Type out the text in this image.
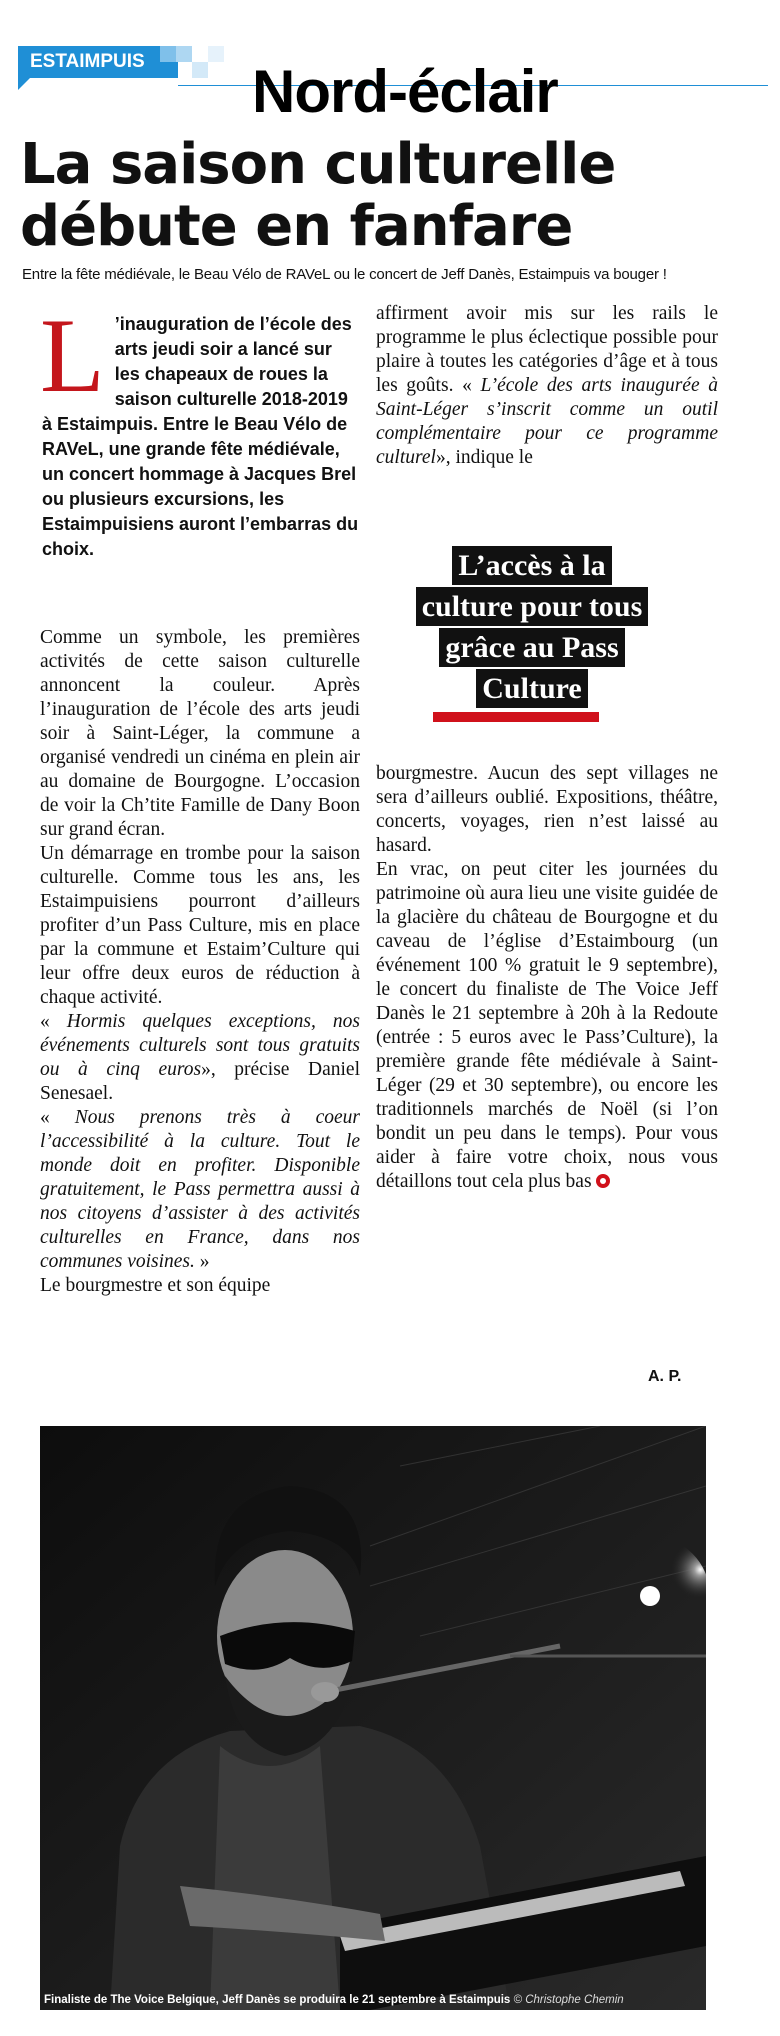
ESTAIMPUIS	Nord-éclair
La saison culturelle
débute en fanfare
Entre la fête médiévale, le Beau Vélo de RAVeL ou le concert de Jeff Danès, Estaimpuis va bouger !
L ’inauguration de l’école des arts jeudi soir a lancé sur les chapeaux de roues la saison culturelle 2018-2019 à Estaimpuis. Entre le Beau Vélo de RAVeL, une grande fête médiévale, un concert hommage à Jacques Brel ou plusieurs excursions, les Estaimpuisiens auront l’embarras du choix.

Comme un symbole, les premières activités de cette saison culturelle annoncent la couleur. Après l’inauguration de l’école des arts jeudi soir à Saint-Léger, la commune a organisé vendredi un cinéma en plein air au domaine de Bourgogne. L’occasion de voir la Ch’tite Famille de Dany Boon sur grand écran.

Un démarrage en trombe pour la saison culturelle. Comme tous les ans, les Estaimpuisiens pourront d’ailleurs profiter d’un Pass Culture, mis en place par la commune et Estaim’Culture qui leur offre deux euros de réduction à chaque activité.

« Hormis quelques exceptions, nos événements culturels sont tous gratuits ou à cinq euros», précise Daniel Senesael.

« Nous prenons très à coeur l’accessibilité à la culture. Tout le monde doit en profiter. Disponible gratuitement, le Pass permettra aussi à nos citoyens d’assister à des activités culturelles en France, dans nos communes voisines. »

Le bourgmestre et son équipe

affirment avoir mis sur les rails le programme le plus éclectique possible pour plaire à toutes les catégories d’âge et à tous les goûts. « L’école des arts inaugurée à Saint-Léger s’inscrit comme un outil complémentaire pour ce programme culturel», indique le

L’accès à la
culture pour tous
grâce au Pass
Culture

bourgmestre. Aucun des sept villages ne sera d’ailleurs oublié. Expositions, théâtre, concerts, voyages, rien n’est laissé au hasard.

En vrac, on peut citer les journées du patrimoine où aura lieu une visite guidée de la glacière du château de Bourgogne et du caveau de l’église d’Estaimbourg (un événement 100 % gratuit le 9 septembre), le concert du finaliste de The Voice Jeff Danès le 21 septembre à 20h à la Redoute (entrée : 5 euros avec le Pass’Culture), la première grande fête médiévale à Saint-Léger (29 et 30 septembre), ou encore les traditionnels marchés de Noël (si l’on bondit un peu dans le temps). Pour vous aider à faire votre choix, nous vous détaillons tout cela plus bas

A. P.
Finaliste de The Voice Belgique, Jeff Danès se produira le 21 septembre à Estaimpuis © Christophe Chemin
